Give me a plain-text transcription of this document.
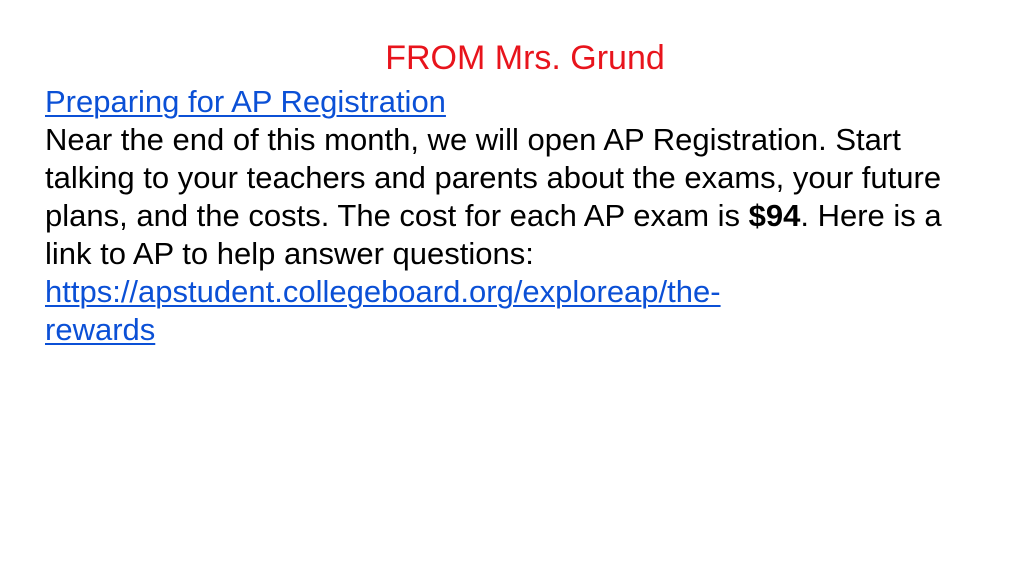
FROM Mrs. Grund
Preparing for AP Registration
Near the end of this month, we will open AP Registration. Start talking to your teachers and parents about the exams, your future plans, and the costs. The cost for each AP exam is $94. Here is a link to AP to help answer questions:
https://apstudent.collegeboard.org/exploreap/the-
rewards
